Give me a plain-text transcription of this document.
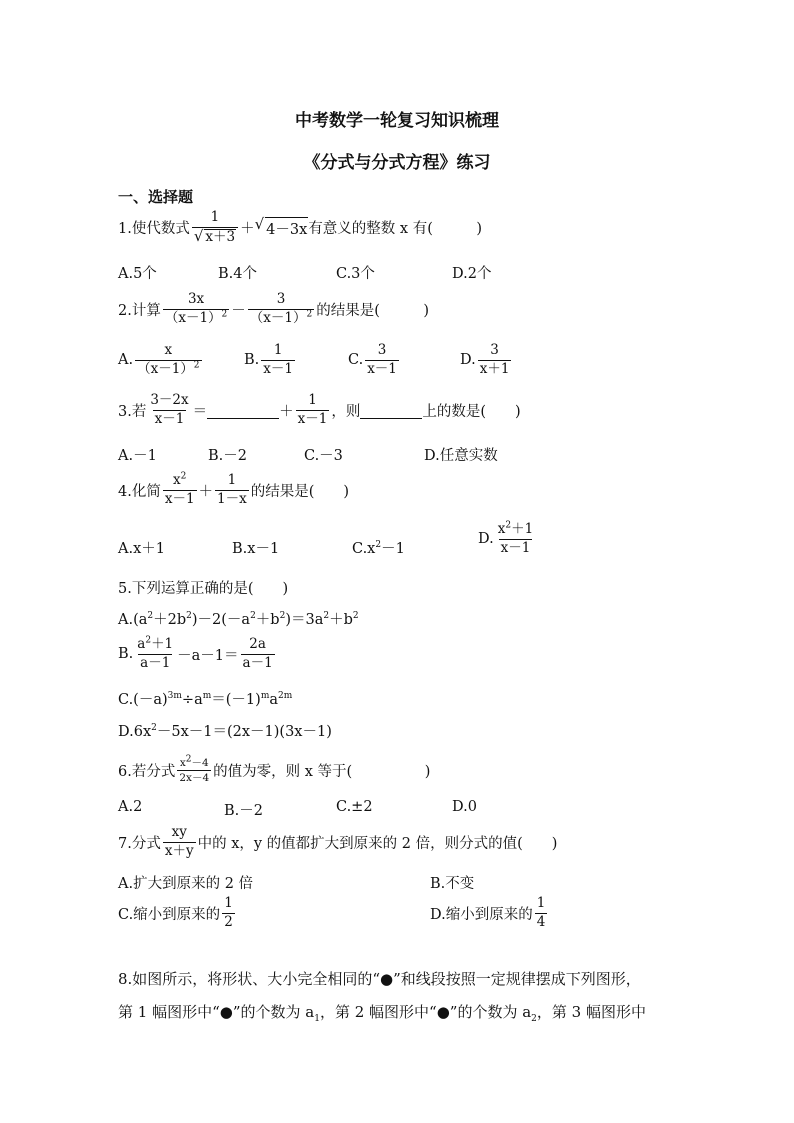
中考数学一轮复习知识梳理
《分式与分式方程》练习
一、选择题
1.使代数式 $\frac{1}{√ x+3}$ ＋ √ 4－3x 有意义的整数 x 有(　　　)
A.5个	B.4个	C.3个	D.2个
2.计算 $\frac{3x}{(x-1)^2} - \frac{3}{(x-1)^2}$ 的结果是(　　　)
A. $\frac{x}{(x-1)^2}$	B. $\frac{1}{x-1}$	C. $\frac{3}{x-1}$	D. $\frac{3}{x+1}$
3.若 $\frac{3-2x}{x-1}$ ＝	＋ $\frac{1}{x-1}$ ，则	上的数是(　　)
A.－1	B.－2	C.－3	D.任意实数
4.化简 $\frac{x^2}{x-1} + \frac{1}{1-x}$ 的结果是(　　)
A.x＋1	B.x－1	$C.x^2-1$
D. $\frac{x^2+1}{x-1}$
5.下列运算正确的是(　　)
$A.(a^2+2b^2)-2(-a^2+b^2)=3a^2+b^2$
B. $\frac{a^2+1}{a-1} -a-1= \frac{2a}{a-1}$
$C.(-a)^{3m}\div a^m=(-1)^ma^{2m}$
$D.6x^2-5x-1=(2x-1)(3x-1)$
6.若分式 $\frac{x^2-4}{2x-4}$ 的值为零，则 x 等于(　　　　　)
A.2	B.－2	C.±2	D.0
7.分式 $\frac{xy}{x+y}$ 中的 x，y 的值都扩大到原来的 2 倍，则分式的值(　　)
A.扩大到原来的 2 倍	B.不变
C.缩小到原来的 $\frac{1}{2}$	D.缩小到原来的 $\frac{1}{4}$
8.如图所示，将形状、大小完全相同的“●”和线段按照一定规律摆成下列图形，
第 1 幅图形中“●”的个数为 $a_1$，第 2 幅图形中“●”的个数为 $a_2$，第 3 幅图形中
